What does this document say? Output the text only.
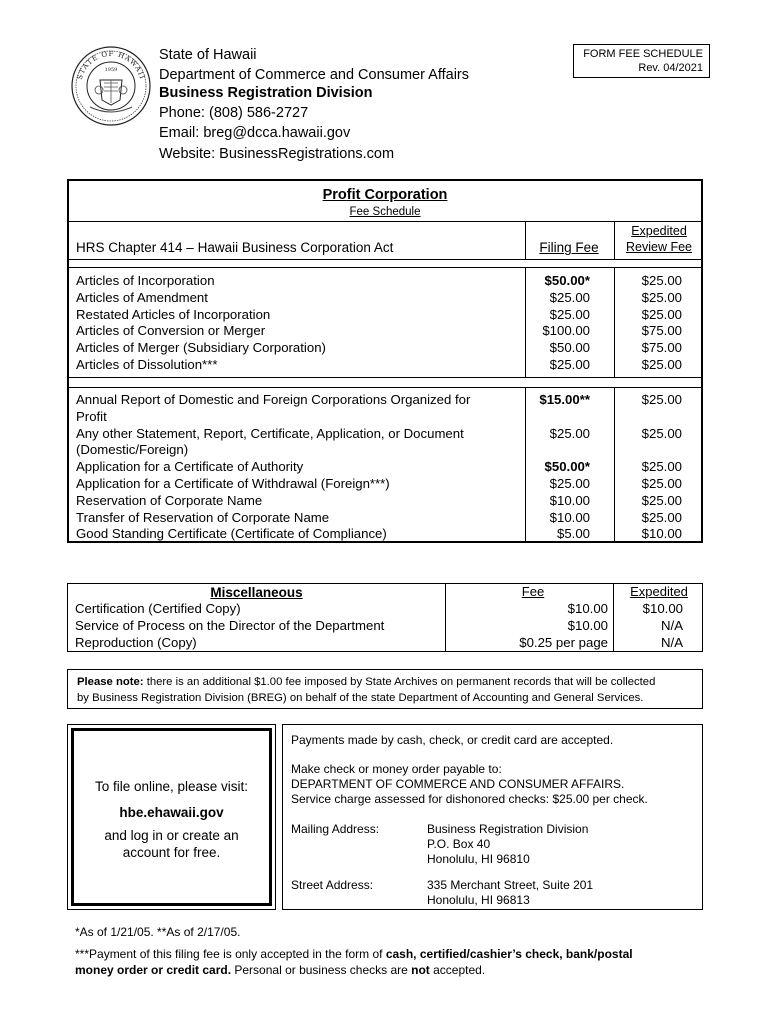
STATE OF HAWAII
1959
State of Hawaii
Department of Commerce and Consumer Affairs
Business Registration Division
Phone: (808) 586-2727
Email: breg@dcca.hawaii.gov
Website: BusinessRegistrations.com
FORM FEE SCHEDULE
Rev. 04/2021
Profit Corporation
Fee Schedule
HRS Chapter 414 – Hawaii Business Corporation Act	Filing Fee
Expedited
Review Fee
Articles of Incorporation	$50.00*	$25.00
Articles of Amendment	$25.00	$25.00
Restated Articles of Incorporation	$25.00	$25.00
Articles of Conversion or Merger	$100.00	$75.00
Articles of Merger (Subsidiary Corporation)	$50.00	$75.00
Articles of Dissolution***	$25.00	$25.00
Annual Report of Domestic and Foreign Corporations Organized for	$15.00**	$25.00
Profit
Any other Statement, Report, Certificate, Application, or Document	$25.00	$25.00
(Domestic/Foreign)
Application for a Certificate of Authority	$50.00*	$25.00
Application for a Certificate of Withdrawal (Foreign***)	$25.00	$25.00
Reservation of Corporate Name	$10.00	$25.00
Transfer of Reservation of Corporate Name	$10.00	$25.00
Good Standing Certificate (Certificate of Compliance)	$5.00	$10.00
Miscellaneous	Fee	Expedited
Certification (Certified Copy)	$10.00	$10.00
Service of Process on the Director of the Department	$10.00	N/A
Reproduction (Copy)	$0.25 per page	N/A
Please note: there is an additional $1.00 fee imposed by State Archives on permanent records that will be collected
by Business Registration Division (BREG) on behalf of the state Department of Accounting and General Services.
To file online, please visit:
hbe.ehawaii.gov
and log in or create an
account for free.
Payments made by cash, check, or credit card are accepted.
Make check or money order payable to:
DEPARTMENT OF COMMERCE AND CONSUMER AFFAIRS.
Service charge assessed for dishonored checks: $25.00 per check.
Mailing Address:	Business Registration Division
P.O. Box 40
Honolulu, HI 96810
Street Address:	335 Merchant Street, Suite 201
Honolulu, HI 96813
*As of 1/21/05. **As of 2/17/05.
***Payment of this filing fee is only accepted in the form of cash, certified/cashier’s check, bank/postal
money order or credit card. Personal or business checks are not accepted.
